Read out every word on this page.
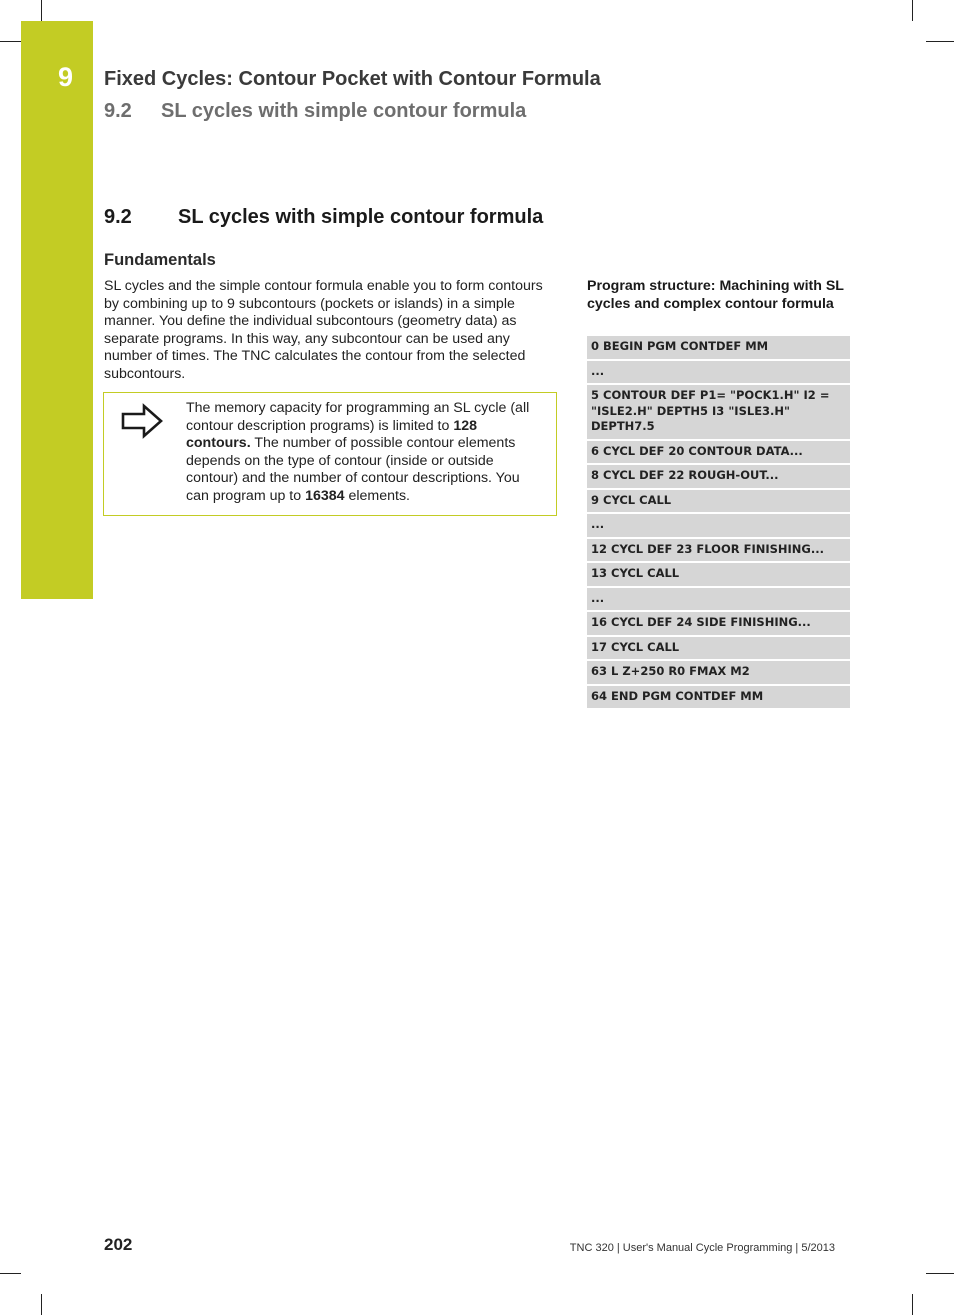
9 Fixed Cycles: Contour Pocket with Contour Formula
9.2 SL cycles with simple contour formula
9.2 SL cycles with simple contour formula
Fundamentals
SL cycles and the simple contour formula enable you to form contours by combining up to 9 subcontours (pockets or islands) in a simple manner. You define the individual subcontours (geometry data) as separate programs. In this way, any subcontour can be used any number of times. The TNC calculates the contour from the selected subcontours.
The memory capacity for programming an SL cycle (all contour description programs) is limited to 128 contours. The number of possible contour elements depends on the type of contour (inside or outside contour) and the number of contour descriptions. You can program up to 16384 elements.
Program structure: Machining with SL cycles and complex contour formula
0 BEGIN PGM CONTDEF MM
...
5 CONTOUR DEF P1= "POCK1.H" I2 = "ISLE2.H" DEPTH5 I3 "ISLE3.H" DEPTH7.5
6 CYCL DEF 20 CONTOUR DATA...
8 CYCL DEF 22 ROUGH-OUT...
9 CYCL CALL
...
12 CYCL DEF 23 FLOOR FINISHING...
13 CYCL CALL
...
16 CYCL DEF 24 SIDE FINISHING...
17 CYCL CALL
63 L Z+250 R0 FMAX M2
64 END PGM CONTDEF MM
202	TNC 320 | User's Manual Cycle Programming | 5/2013
